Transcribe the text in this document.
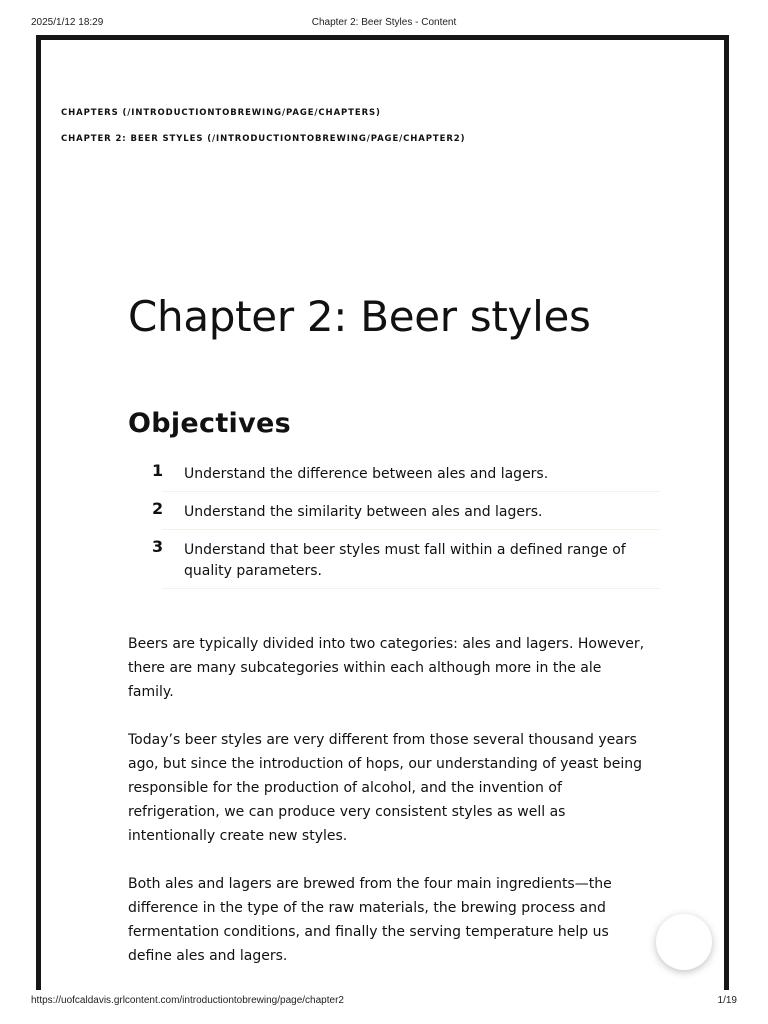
2025/1/12 18:29	Chapter 2: Beer Styles - Content
CHAPTERS (/INTRODUCTIONTOBREWING/PAGE/CHAPTERS)
CHAPTER 2: BEER STYLES (/INTRODUCTIONTOBREWING/PAGE/CHAPTER2)
Chapter 2: Beer styles
Objectives
1 Understand the difference between ales and lagers.
2 Understand the similarity between ales and lagers.
3 Understand that beer styles must fall within a defined range of quality parameters.

Beers are typically divided into two categories: ales and lagers. However, there are many subcategories within each although more in the ale family.

Today’s beer styles are very different from those several thousand years ago, but since the introduction of hops, our understanding of yeast being responsible for the production of alcohol, and the invention of refrigeration, we can produce very consistent styles as well as intentionally create new styles.

Both ales and lagers are brewed from the four main ingredients—the difference in the type of the raw materials, the brewing process and fermentation conditions, and finally the serving temperature help us define ales and lagers.

https://uofcaldavis.grlcontent.com/introductiontobrewing/page/chapter2	1/19
